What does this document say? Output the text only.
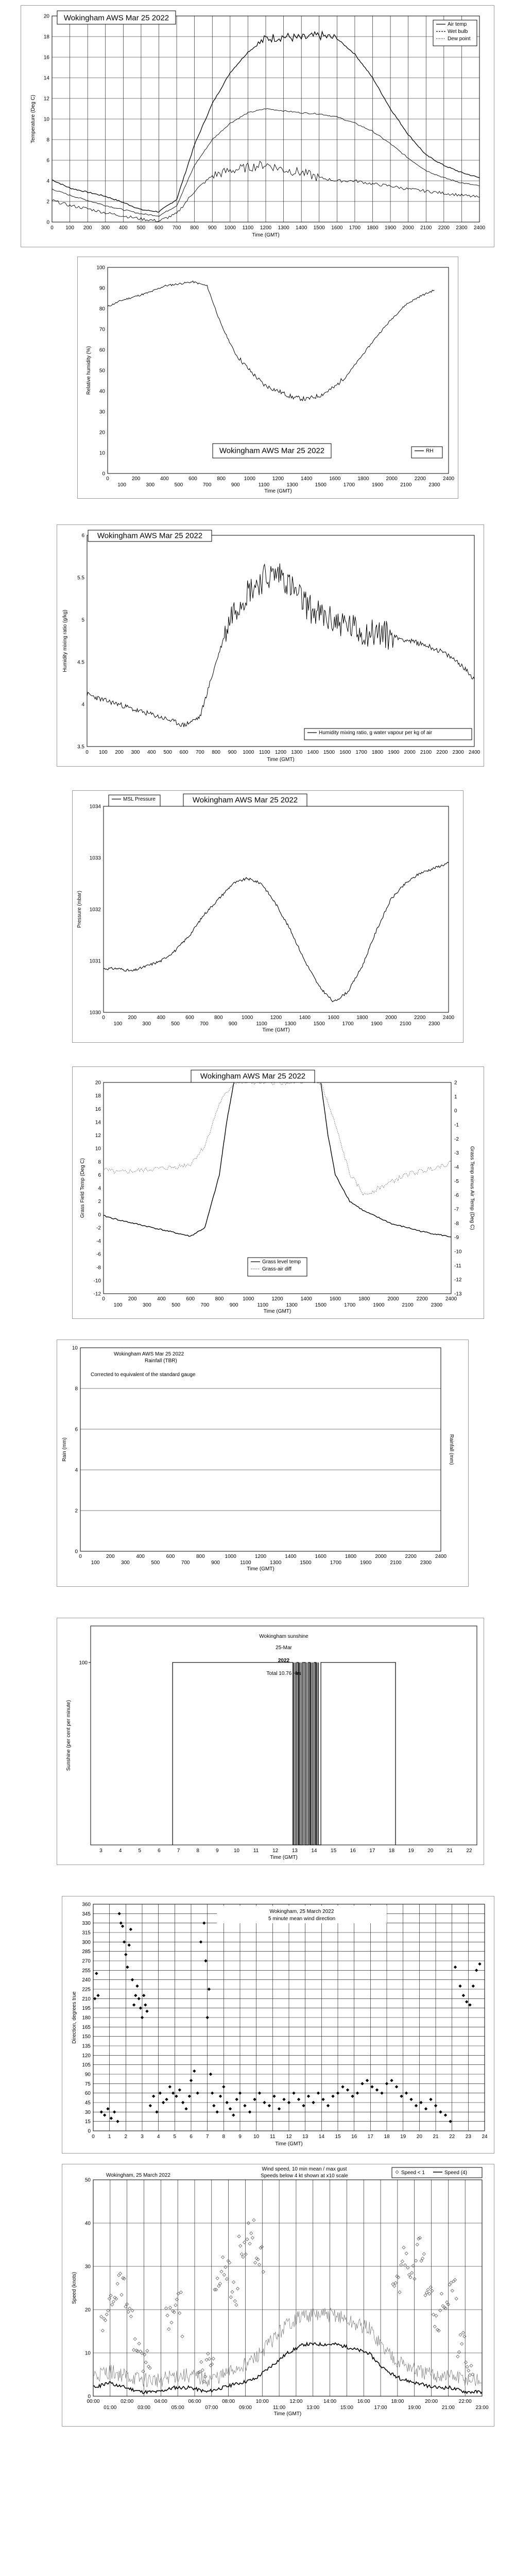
0
2
4
6
8
10
12
14
16
18
20
0 100 200 300 400 500 600 700 800 900 1000 1100 1200 1300 1400 1500 1600 1700 1800 1900 2000 2100 2200 2300 2400
Time (GMT)
Temperature (Deg C)
Wokingham AWS Mar 25 2022
Air temp
Wet bulb
Dew point
0
10
20
30
40
50
60
70
80
90
100
0	200	400	600	800	1000	1200	1400	1600	1800	2000	2200	2400
100	300	500	700	900	1100	1300	1500	1700	1900	2100	2300
Time (GMT)
Relative humidity (%)
Wokingham AWS Mar 25 2022	RH
3.5
4
4.5
5
5.5
6
0 100 200 300 400 500 600 700 800 900 1000 1100 1200 1300 1400 1500 1600 1700 1800 1900 2000 2100 2200 2300 2400
Time (GMT)
Humidity mixing ratio (g/kg)
Wokingham AWS Mar 25 2022
Humidity mixing ratio, g water vapour per kg of air
1030
1031
1032
1033
1034
0	200	400	600	800	1000	1200	1400	1600	1800	2000	2200	2400
100	300	500	700	900	1100	1300	1500	1700	1900	2100	2300
Time (GMT)
Pressure (mbar)
MSL Pressure	Wokingham AWS Mar 25 2022
-12
-10
-8
-6
-4
-2
0
2
4
6
8
10
12
14
16
18
20
0	200	400	600	800	1000	1200	1400	1600	1800	2000	2200	2400
100	300	500	700	900	1100	1300	1500	1700	1900	2100	2300
Time (GMT)
Grass Field Temp (Deg C)
-13
-12
-11
-10
-9
-8
-7
-6
-5
-4
-3
-2
-1
0
1
2
Grass Temp minus Air Temp (Deg C)
Wokingham AWS Mar 25 2022
Grass level temp
Grass-air diff
0
2
4
6
8
10
0	200	400	600	800	1000	1200	1400	1600	1800	2000	2200	2400
100	300	500	700	900	1100	1300	1500	1700	1900	2100	2300
Time (GMT)
Rain (mm)	Rainfall (mm)
Wokingham AWS Mar 25 2022
Rainfall (TBR)
Corrected to equivalent of the standard gauge
100
3	4	5	6	7	8	9	10	11	12	13	14	15	16	17	18	19	20	21	22
Time (GMT)
Sunshine (per cent per minute)
Wokingham sunshine
25-Mar
2022
Total 10.76 Hrs
0
15
30
45
60
75
90
105
120
135
150
165
180
195
210
225
240
255
270
285
300
315
330
345
360
0	1	2	3	4	5	6	7	8	9 10 11 12 13 14 15 16 17 18 19 20 21 22 23 24
Time (GMT)
Direction, degrees true
Wokingham, 25 March 2022
5 minute mean wind direction
0
10
20
30
40
50
00:00	02:00	04:00	06:00	08:00	10:00	12:00	14:00	16:00	18:00	20:00	22:00
01:00	03:00	05:00	07:00	09:00	11:00	13:00	15:00	17:00	19:00	21:00	23:00
Time (GMT)
Speed (knots)
Wokingham, 25 March 2022
Wind speed, 10 min mean / max gust
Speeds below 4 kt shown at x10 scale
Speed < 1	Speed (4)
